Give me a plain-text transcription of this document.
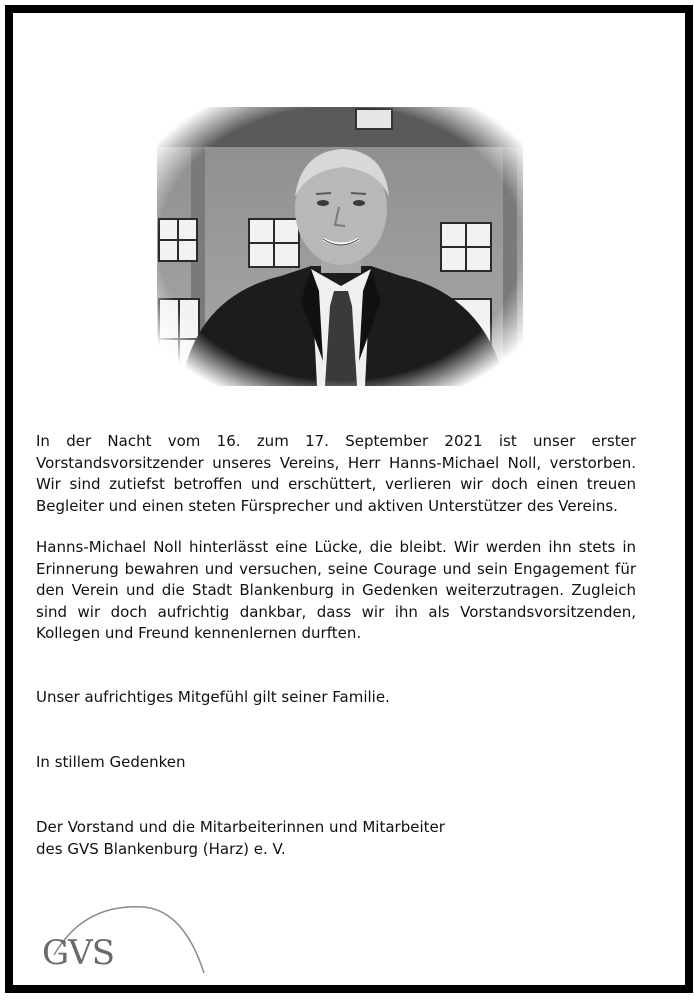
In der Nacht vom 16. zum 17. September 2021 ist unser erster Vorstandsvorsitzender unseres Vereins, Herr Hanns-Michael Noll, verstorben. Wir sind zutiefst betroffen und erschüttert, verlieren wir doch einen treuen Begleiter und einen steten Fürsprecher und aktiven Unterstützer des Vereins.

Hanns-Michael Noll hinterlässt eine Lücke, die bleibt. Wir werden ihn stets in Erinnerung bewahren und versuchen, seine Courage und sein Engagement für den Verein und die Stadt Blankenburg in Gedenken weiterzutragen. Zugleich sind wir doch aufrichtig dankbar, dass wir ihn als Vorstandsvorsitzenden, Kollegen und Freund kennenlernen durften.

Unser aufrichtiges Mitgefühl gilt seiner Familie.

In stillem Gedenken

Der Vorstand und die Mitarbeiterinnen und Mitarbeiter
des GVS Blankenburg (Harz) e. V.
GVS
